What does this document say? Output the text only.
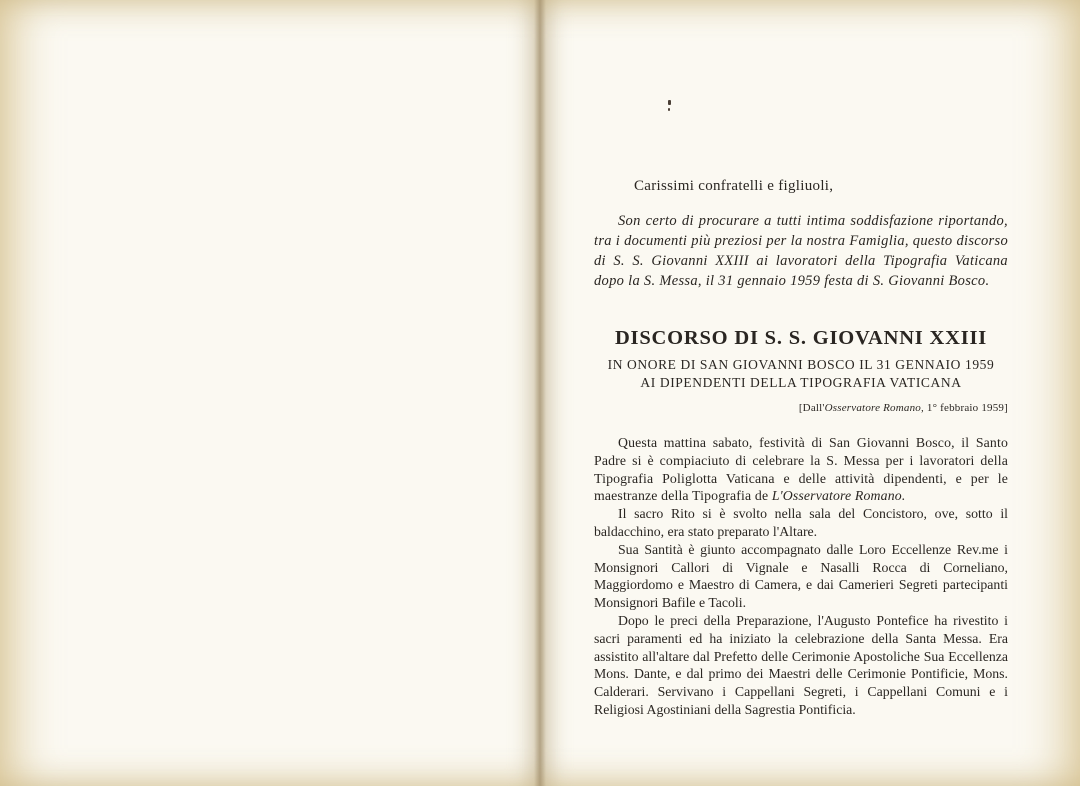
Carissimi confratelli e figliuoli,

Son certo di procurare a tutti intima soddisfazione riportando, tra i documenti più preziosi per la nostra Famiglia, questo discorso di S. S. Giovanni XXIII ai lavoratori della Tipografia Vaticana dopo la S. Messa, il 31 gennaio 1959 festa di S. Giovanni Bosco.

DISCORSO DI S. S. GIOVANNI XXIII
IN ONORE DI SAN GIOVANNI BOSCO IL 31 GENNAIO 1959
AI DIPENDENTI DELLA TIPOGRAFIA VATICANA
[Dall'Osservatore Romano, 1° febbraio 1959]

Questa mattina sabato, festività di San Giovanni Bosco, il Santo Padre si è compiaciuto di celebrare la S. Messa per i lavoratori della Tipografia Poliglotta Vaticana e delle attività dipendenti, e per le maestranze della Tipografia de L'Osservatore Romano.

Il sacro Rito si è svolto nella sala del Concistoro, ove, sotto il baldacchino, era stato preparato l'Altare.

Sua Santità è giunto accompagnato dalle Loro Eccellenze Rev.me i Monsignori Callori di Vignale e Nasalli Rocca di Corneliano, Maggiordomo e Maestro di Camera, e dai Camerieri Segreti partecipanti Monsignori Bafile e Tacoli.

Dopo le preci della Preparazione, l'Augusto Pontefice ha rivestito i sacri paramenti ed ha iniziato la celebrazione della Santa Messa. Era assistito all'altare dal Prefetto delle Cerimonie Apostoliche Sua Eccellenza Mons. Dante, e dal primo dei Maestri delle Cerimonie Pontificie, Mons. Calderari. Servivano i Cappellani Segreti, i Cappellani Comuni e i Religiosi Agostiniani della Sagrestia Pontificia.
